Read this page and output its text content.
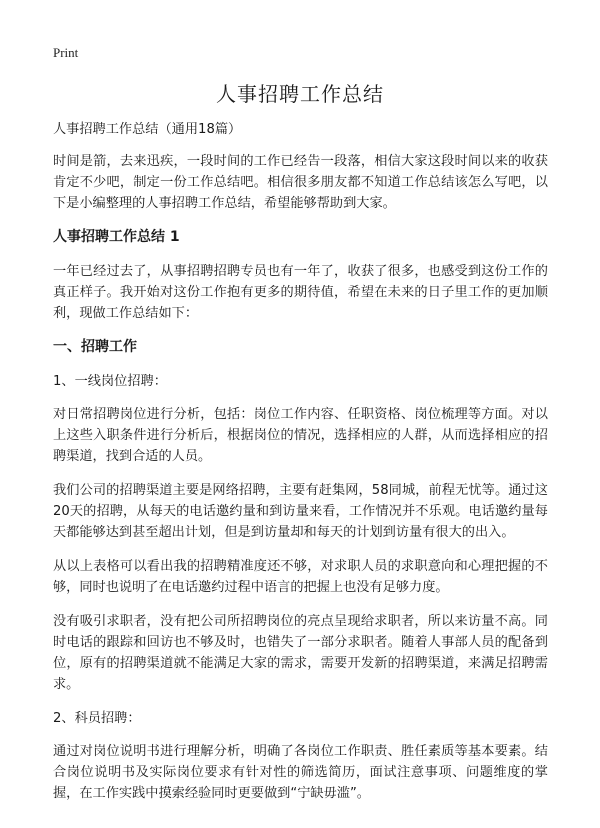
Print
人事招聘工作总结

人事招聘工作总结（通用18篇）

时间是箭，去来迅疾，一段时间的工作已经告一段落，相信大家这段时间以来的收获肯定不少吧，制定一份工作总结吧。相信很多朋友都不知道工作总结该怎么写吧，以下是小编整理的人事招聘工作总结，希望能够帮助到大家。

人事招聘工作总结 1

一年已经过去了，从事招聘招聘专员也有一年了，收获了很多，也感受到这份工作的真正样子。我开始对这份工作抱有更多的期待值，希望在未来的日子里工作的更加顺利，现做工作总结如下：

一、招聘工作

1、一线岗位招聘：

对日常招聘岗位进行分析，包括：岗位工作内容、任职资格、岗位梳理等方面。对以上这些入职条件进行分析后，根据岗位的情况，选择相应的人群，从而选择相应的招聘渠道，找到合适的人员。

我们公司的招聘渠道主要是网络招聘，主要有赶集网，58同城，前程无忧等。通过这20天的招聘，从每天的电话邀约量和到访量来看，工作情况并不乐观。电话邀约量每天都能够达到甚至超出计划，但是到访量却和每天的计划到访量有很大的出入。

从以上表格可以看出我的招聘精准度还不够，对求职人员的求职意向和心理把握的不够，同时也说明了在电话邀约过程中语言的把握上也没有足够力度。

没有吸引求职者，没有把公司所招聘岗位的亮点呈现给求职者，所以来访量不高。同时电话的跟踪和回访也不够及时，也错失了一部分求职者。随着人事部人员的配备到位，原有的招聘渠道就不能满足大家的需求，需要开发新的招聘渠道，来满足招聘需求。

2、科员招聘：

通过对岗位说明书进行理解分析，明确了各岗位工作职责、胜任素质等基本要素。结合岗位说明书及实际岗位要求有针对性的筛选简历，面试注意事项、问题维度的掌握，在工作实践中摸索经验同时更要做到“宁缺毋滥”。
